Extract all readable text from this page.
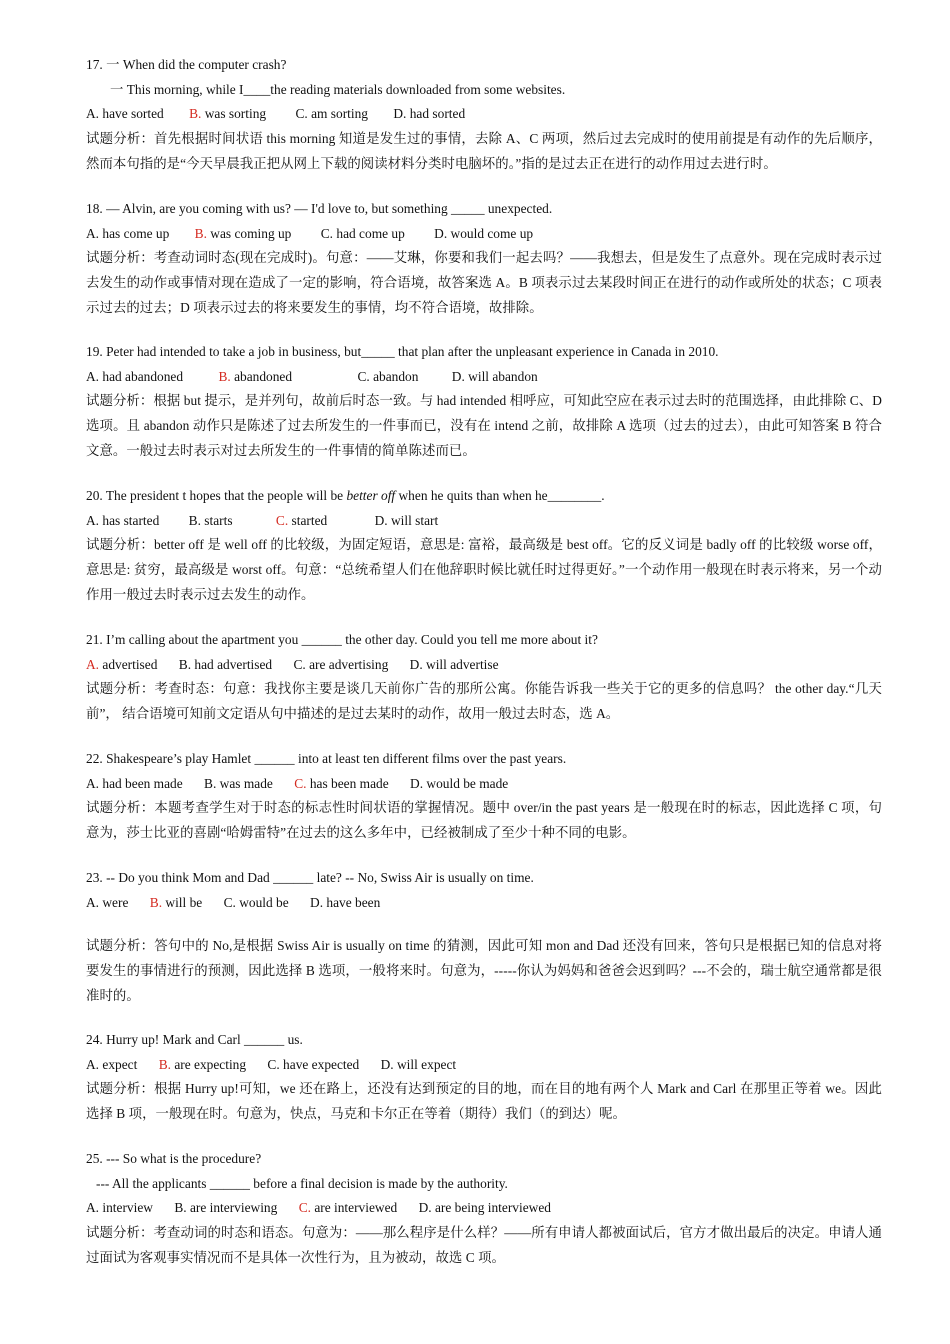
17. 一 When did the computer crash?
一 This morning, while I____the reading materials downloaded from some websites.
A. have sorted B. was sorting C. am sorting D. had sorted
试题分析：首先根据时间状语 this morning 知道是发生过的事情，去除 A、C 两项，然后过去完成时的使用前提是有动作的先后顺序，然而本句指的是“今天早晨我正把从网上下载的阅读材料分类时电脑坏的。”指的是过去正在进行的动作用过去进行时。
18. — Alvin, are you coming with us? — I'd love to, but something _____ unexpected.
A. has come up B. was coming up C. had come up D. would come up
试题分析：考查动词时态(现在完成时)。句意：——艾琳，你要和我们一起去吗？——我想去，但是发生了点意外。现在完成时表示过去发生的动作或事情对现在造成了一定的影响，符合语境，故答案选 A。B 项表示过去某段时间正在进行的动作或所处的状态；C 项表示过去的过去；D 项表示过去的将来要发生的事情，均不符合语境，故排除。
19. Peter had intended to take a job in business, but_____ that plan after the unpleasant experience in Canada in 2010.
A. had abandoned	B. abandoned	C. abandon D. will abandon
试题分析：根据 but 提示，是并列句，故前后时态一致。与 had intended 相呼应，可知此空应在表示过去时的范围选择，由此排除 C、D 选项。且 abandon 动作只是陈述了过去所发生的一件事而已，没有在 intend 之前，故排除 A 选项（过去的过去），由此可知答案 B 符合文意。一般过去时表示对过去所发生的一件事情的简单陈述而已。
20. The president t hopes that the people will be better off when he quits than when he________.
A. has started B. starts	C. started	D. will start
试题分析：better off 是 well off 的比较级，为固定短语，意思是: 富裕，最高级是 best off。它的反义词是 badly off 的比较级 worse off，意思是: 贫穷，最高级是 worst off。句意：“总统希望人们在他辞职时候比就任时过得更好。”一个动作用一般现在时表示将来，另一个动作用一般过去时表示过去发生的动作。
21. I’m calling about the apartment you ______ the other day. Could you tell me more about it?
A. advertised B. had advertised C. are advertising D. will advertise
试题分析：考查时态：句意：我找你主要是谈几天前你广告的那所公寓。你能告诉我一些关于它的更多的信息吗？ the other day.“几天前”， 结合语境可知前文定语从句中描述的是过去某时的动作，故用一般过去时态，选 A。
22. Shakespeare’s play Hamlet ______ into at least ten different films over the past years.
A. had been made B. was made C. has been made D. would be made
试题分析：本题考查学生对于时态的标志性时间状语的掌握情况。题中 over/in the past years 是一般现在时的标志，因此选择 C 项，句意为，莎士比亚的喜剧“哈姆雷特”在过去的这么多年中，已经被制成了至少十种不同的电影。
23. -- Do you think Mom and Dad ______ late? -- No, Swiss Air is usually on time.
A. were B. will be C. would be D. have been
试题分析：答句中的 No,是根据 Swiss Air is usually on time 的猜测，因此可知 mon and Dad 还没有回来，答句只是根据已知的信息对将要发生的事情进行的预测，因此选择 B 选项，一般将来时。句意为，-----你认为妈妈和爸爸会迟到吗？---不会的，瑞士航空通常都是很准时的。
24. Hurry up! Mark and Carl ______ us.
A. expect B. are expecting C. have expected D. will expect
试题分析：根据 Hurry up!可知，we 还在路上，还没有达到预定的目的地，而在目的地有两个人 Mark and Carl 在那里正等着 we。因此选择 B 项，一般现在时。句意为，快点，马克和卡尔正在等着（期待）我们（的到达）呢。
25. --- So what is the procedure?
--- All the applicants ______ before a final decision is made by the authority.
A. interview B. are interviewing C. are interviewed D. are being interviewed
试题分析：考查动词的时态和语态。句意为：——那么程序是什么样？——所有申请人都被面试后，官方才做出最后的决定。申请人通过面试为客观事实情况而不是具体一次性行为，且为被动，故选 C 项。
